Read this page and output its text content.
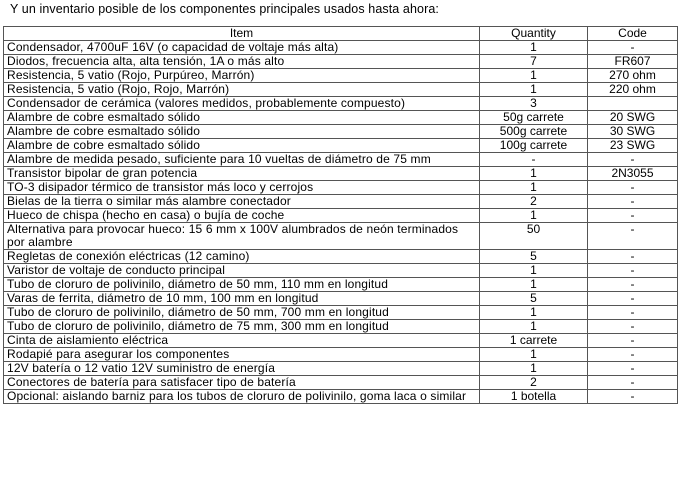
Y un inventario posible de los componentes principales usados hasta ahora:
Item	Quantity	Code
Condensador, 4700uF 16V (o capacidad de voltaje más alta)	1	-
Diodos, frecuencia alta, alta tensión, 1A o más alto	7	FR607
Resistencia, 5 vatio (Rojo, Purpúreo, Marrón)	1	270 ohm
Resistencia, 5 vatio (Rojo, Rojo, Marrón)	1	220 ohm
Condensador de cerámica (valores medidos, probablemente compuesto)	3	
Alambre de cobre esmaltado sólido	50g carrete	20 SWG
Alambre de cobre esmaltado sólido	500g carrete	30 SWG
Alambre de cobre esmaltado sólido	100g carrete	23 SWG
Alambre de medida pesado, suficiente para 10 vueltas de diámetro de 75 mm	-	-
Transistor bipolar de gran potencia	1	2N3055
TO-3 disipador térmico de transistor más loco y cerrojos	1	-
Bielas de la tierra o similar más alambre conectador	2	-
Hueco de chispa (hecho en casa) o bujía de coche	1	-
Alternativa para provocar hueco: 15 6 mm x 100V alumbrados de neón terminados por alambre	50	-
Regletas de conexión eléctricas (12 camino)	5	-
Varistor de voltaje de conducto principal	1	-
Tubo de cloruro de polivinilo, diámetro de 50 mm, 110 mm en longitud	1	-
Varas de ferrita, diámetro de 10 mm, 100 mm en longitud	5	-
Tubo de cloruro de polivinilo, diámetro de 50 mm, 700 mm en longitud	1	-
Tubo de cloruro de polivinilo, diámetro de 75 mm, 300 mm en longitud	1	-
Cinta de aislamiento eléctrica	1 carrete	-
Rodapié para asegurar los componentes	1	-
12V batería o 12 vatio 12V suministro de energía	1	-
Conectores de batería para satisfacer tipo de batería	2	-
Opcional: aislando barniz para los tubos de cloruro de polivinilo, goma laca o similar	1 botella	-
